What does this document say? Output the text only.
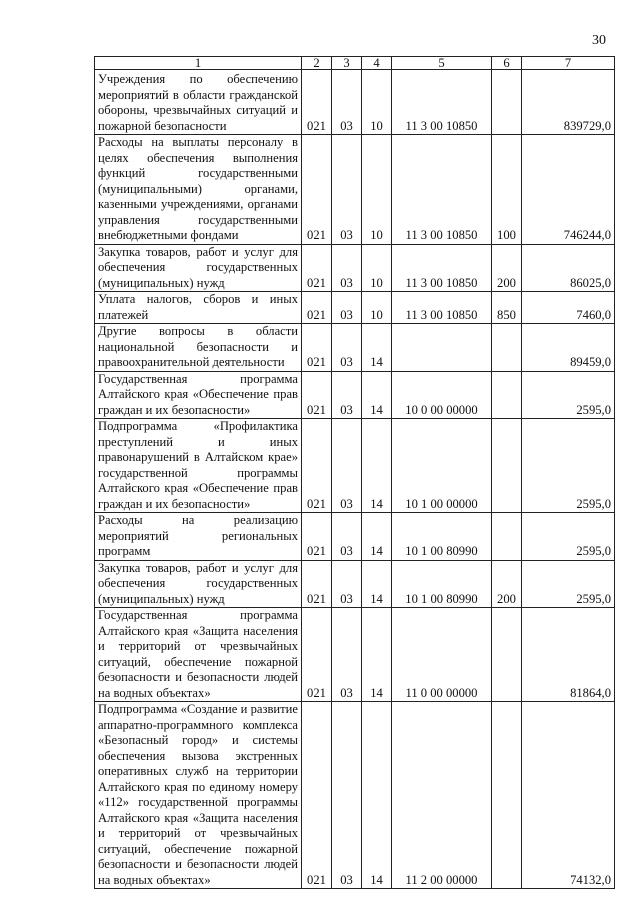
30
1	2	3	4	5	6	7
Учреждения по обеспечению мероприятий в области гражданской обороны, чрезвычайных ситуаций и пожарной безопасности	021	03	10	11 3 00 10850		839729,0
Расходы на выплаты персоналу в целях обеспечения выполнения функций государственными (муниципальными) органами, казенными учреждениями, органами управления государственными внебюджетными фондами	021	03	10	11 3 00 10850	100	746244,0
Закупка товаров, работ и услуг для обеспечения государственных (муниципальных) нужд	021	03	10	11 3 00 10850	200	86025,0
Уплата налогов, сборов и иных платежей	021	03	10	11 3 00 10850	850	7460,0
Другие вопросы в области национальной безопасности и правоохранительной деятельности	021	03	14			89459,0
Государственная программа Алтайского края «Обеспечение прав граждан и их безопасности»	021	03	14	10 0 00 00000		2595,0
Подпрограмма «Профилактика преступлений и иных правонарушений в Алтайском крае» государственной программы Алтайского края «Обеспечение прав граждан и их безопасности»	021	03	14	10 1 00 00000		2595,0
Расходы на реализацию мероприятий региональных программ	021	03	14	10 1 00 80990		2595,0
Закупка товаров, работ и услуг для обеспечения государственных (муниципальных) нужд	021	03	14	10 1 00 80990	200	2595,0
Государственная программа Алтайского края «Защита населения и территорий от чрезвычайных ситуаций, обеспечение пожарной безопасности и безопасности людей на водных объектах»	021	03	14	11 0 00 00000		81864,0
Подпрограмма «Создание и развитие аппаратно-программного комплекса «Безопасный город» и системы обеспечения вызова экстренных оперативных служб на территории Алтайского края по единому номеру «112» государственной программы Алтайского края «Защита населения и территорий от чрезвычайных ситуаций, обеспечение пожарной безопасности и безопасности людей на водных объектах»	021	03	14	11 2 00 00000		74132,0
